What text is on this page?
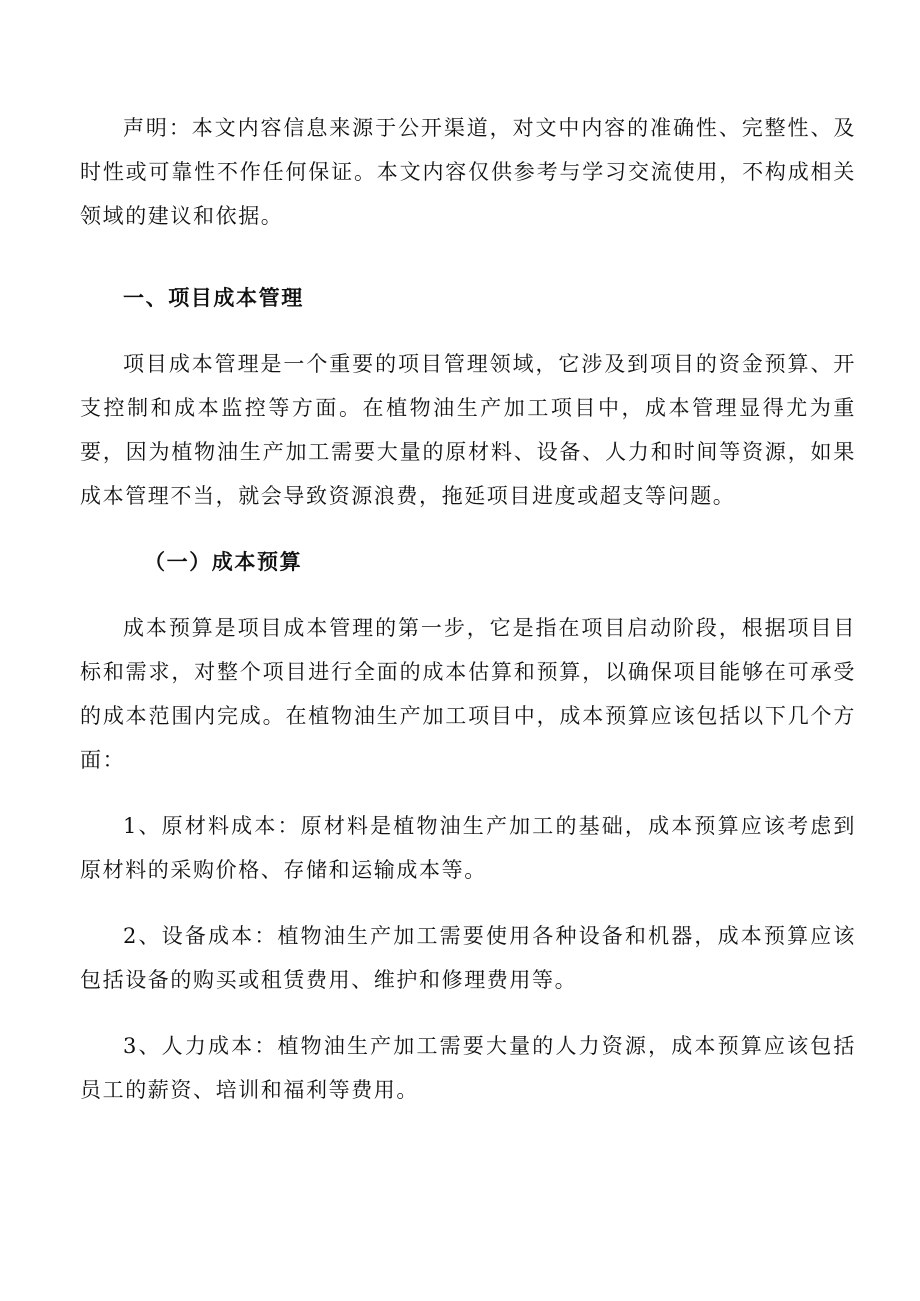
声明：本文内容信息来源于公开渠道，对文中内容的准确性、完整性、及时性或可靠性不作任何保证。本文内容仅供参考与学习交流使用，不构成相关领域的建议和依据。

一、项目成本管理

项目成本管理是一个重要的项目管理领域，它涉及到项目的资金预算、开支控制和成本监控等方面。在植物油生产加工项目中，成本管理显得尤为重要，因为植物油生产加工需要大量的原材料、设备、人力和时间等资源，如果成本管理不当，就会导致资源浪费，拖延项目进度或超支等问题。

（一）成本预算

成本预算是项目成本管理的第一步，它是指在项目启动阶段，根据项目目标和需求，对整个项目进行全面的成本估算和预算，以确保项目能够在可承受的成本范围内完成。在植物油生产加工项目中，成本预算应该包括以下几个方面：

1、原材料成本：原材料是植物油生产加工的基础，成本预算应该考虑到原材料的采购价格、存储和运输成本等。

2、设备成本：植物油生产加工需要使用各种设备和机器，成本预算应该包括设备的购买或租赁费用、维护和修理费用等。

3、人力成本：植物油生产加工需要大量的人力资源，成本预算应该包括员工的薪资、培训和福利等费用。
